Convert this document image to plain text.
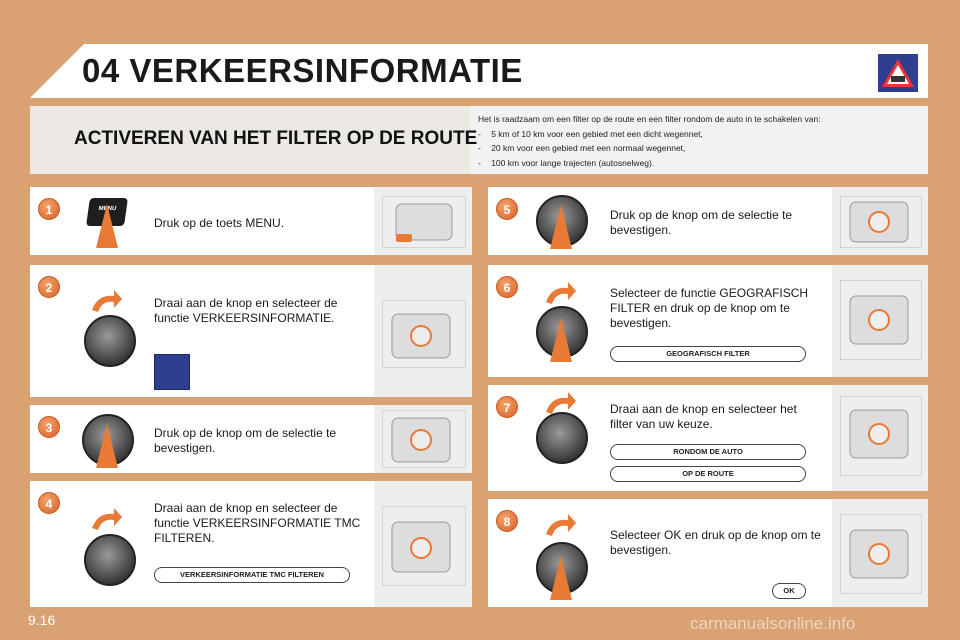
04 VERKEERSINFORMATIE
ACTIVEREN VAN HET FILTER OP DE ROUTE
Het is raadzaam om een filter op de route en een filter rondom de auto in te schakelen van:
- 5 km of 10 km voor een gebied met een dicht wegennet,
- 20 km voor een gebied met een normaal wegennet,
- 100 km voor lange trajecten (autosnelweg).
1	MENU
Druk op de toets MENU.
2
Draai aan de knop en selecteer de functie VERKEERSINFORMATIE.
3	Druk op de knop om de selectie te bevestigen.
4	Draai aan de knop en selecteer de functie VERKEERSINFORMATIE TMC FILTEREN.
VERKEERSINFORMATIE TMC FILTEREN
5	Druk op de knop om de selectie te bevestigen.
6	Selecteer de functie GEOGRAFISCH FILTER en druk op de knop om te bevestigen.
GEOGRAFISCH FILTER
7	Draai aan de knop en selecteer het filter van uw keuze.
RONDOM DE AUTO
OP DE ROUTE
8
Selecteer OK en druk op de knop om te bevestigen.
OK
9.16	carmanualsonline.info
